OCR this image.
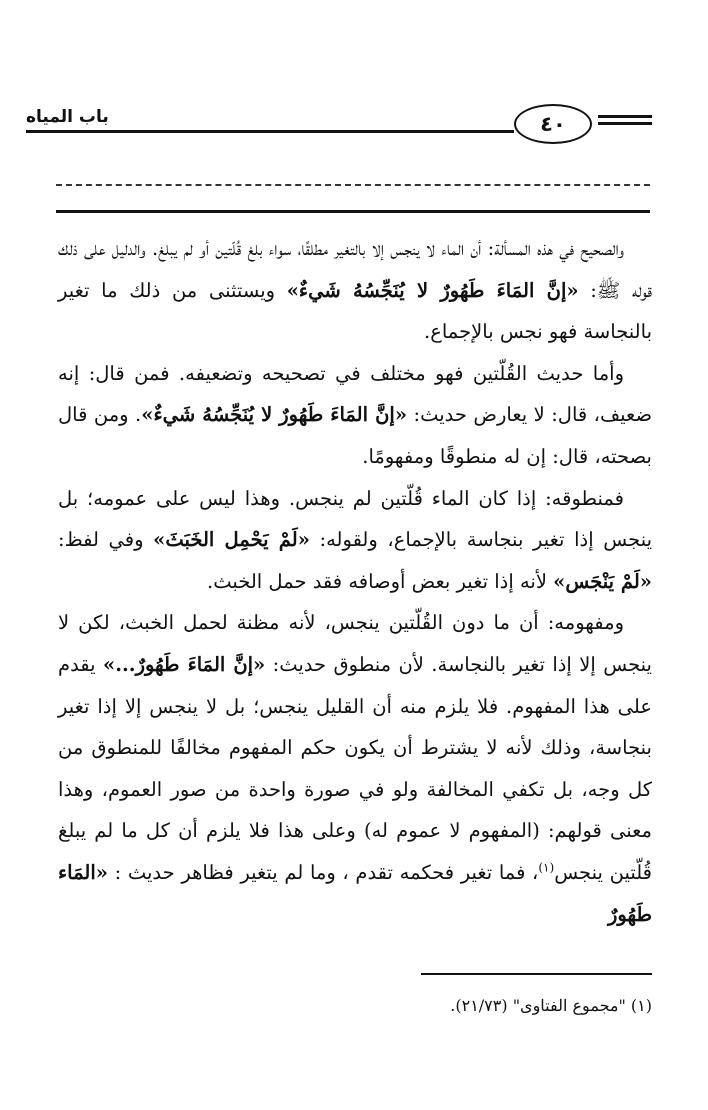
باب المياه	٤٠

والصحيح في هذه المسألة: أن الماء لا ينجس إلا بالتغير مطلقًا، سواء بلغ قُلّتين أو لم يبلغ. والدليل على ذلك قوله ﷺ: «إنَّ المَاءَ طَهُورٌ لا يُنَجِّسُهُ شَيءٌ» ويستثنى من ذلك ما تغير بالنجاسة فهو نجس بالإجماع.

وأما حديث القُلّتين فهو مختلف في تصحيحه وتضعيفه. فمن قال: إنه ضعيف، قال: لا يعارض حديث: «إنَّ المَاءَ طَهُورٌ لا يُنَجِّسُهُ شَيءٌ». ومن قال بصحته، قال: إن له منطوقًا ومفهومًا.

فمنطوقه: إذا كان الماء قُلّتين لم ينجس. وهذا ليس على عمومه؛ بل ينجس إذا تغير بنجاسة بالإجماع، ولقوله: «لَمْ يَحْمِل الخَبَثَ» وفي لفظ: «لَمْ يَنْجَس» لأنه إذا تغير بعض أوصافه فقد حمل الخبث.

ومفهومه: أن ما دون القُلّتين ينجس، لأنه مظنة لحمل الخبث، لكن لا ينجس إلا إذا تغير بالنجاسة. لأن منطوق حديث: «إنَّ المَاءَ طَهُورٌ...» يقدم على هذا المفهوم. فلا يلزم منه أن القليل ينجس؛ بل لا ينجس إلا إذا تغير بنجاسة، وذلك لأنه لا يشترط أن يكون حكم المفهوم مخالفًا للمنطوق من كل وجه، بل تكفي المخالفة ولو في صورة واحدة من صور العموم، وهذا معنى قولهم: (المفهوم لا عموم له) وعلى هذا فلا يلزم أن كل ما لم يبلغ قُلّتين ينجس$^{(١)}$، فما تغير فحكمه تقدم ، وما لم يتغير فظاهر حديث : «المَاء طَهُورٌ

(١) "مجموع الفتاوى" (٢١/٧٣).
